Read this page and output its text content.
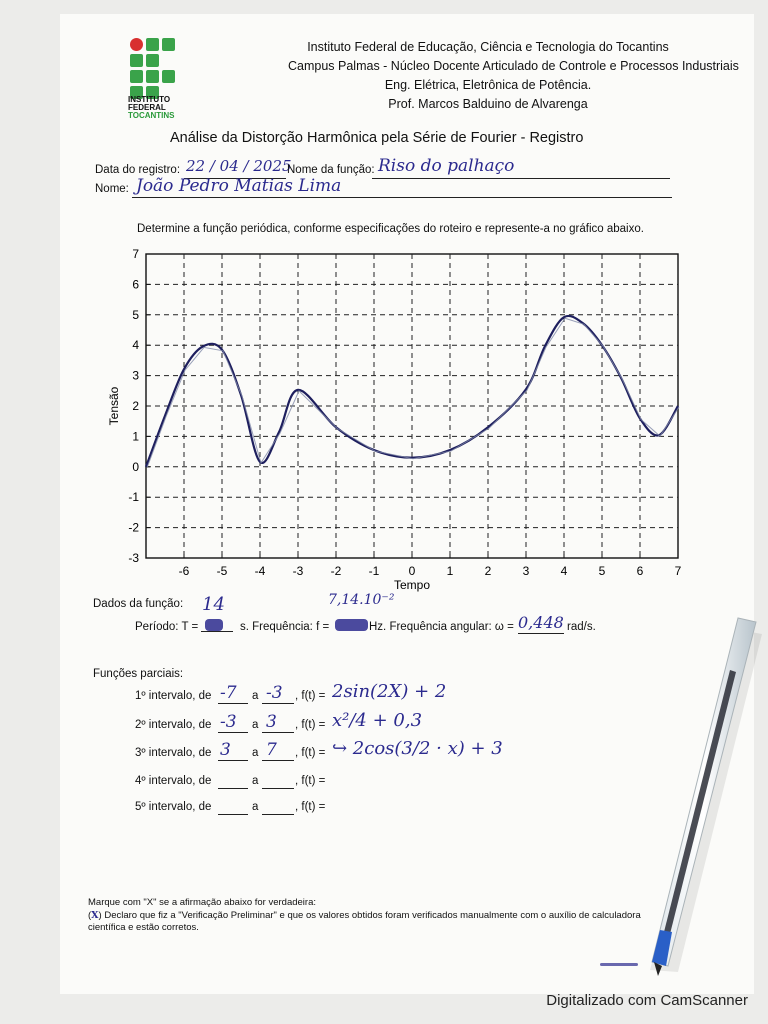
INSTITUTO
FEDERAL
TOCANTINS
Instituto Federal de Educação, Ciência e Tecnologia do Tocantins
Campus Palmas - Núcleo Docente Articulado de Controle e Processos Industriais
Eng. Elétrica, Eletrônica de Potência.
Prof. Marcos Balduino de Alvarenga
Análise da Distorção Harmônica pela Série de Fourier - Registro
Data do registro: 22 / 04 / 2025
Nome da função: Riso do palhaço
Nome: João Pedro Matias Lima
Determine a função periódica, conforme especificações do roteiro e represente-a no gráfico abaixo.
-6 -5 -4 -3 -2 -1 0	1	2	3	4	5	6	7
7
6
5
4
3
2
1
0
-1
-2
-3
Tempo
Tensão
Dados da função: 14	7,14.10⁻²
Período: T =	s. Frequência: f =	Hz. Frequência angular: ω = 0,448 rad/s.
Funções parciais:
1º intervalo, de -7 a -3 , f(t) = 2sin(2X) + 2
2º intervalo, de -3 a 3 , f(t) = x²/4 + 0,3
3º intervalo, de 3 a 7 , f(t) = ↪ 2cos(3/2 · x) + 3
4º intervalo, de	a	, f(t) =
5º intervalo, de	a	, f(t) =
Marque com "X" se a afirmação abaixo for verdadeira:
(X) Declaro que fiz a "Verificação Preliminar" e que os valores obtidos foram verificados manualmente com o auxílio de calculadora
científica e estão corretos.
Digitalizado com CamScanner
